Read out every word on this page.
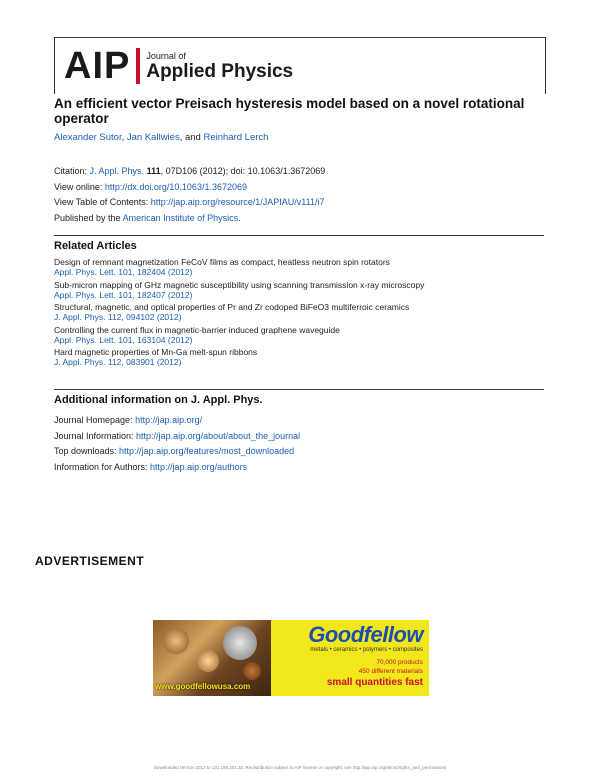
AIP Journal of
Applied Physics
An efficient vector Preisach hysteresis model based on a novel rotational operator
Alexander Sutor, Jan Kallwies, and Reinhard Lerch
Citation: J. Appl. Phys. 111, 07D106 (2012); doi: 10.1063/1.3672069
View online: http://dx.doi.org/10.1063/1.3672069
View Table of Contents: http://jap.aip.org/resource/1/JAPIAU/v111/i7
Published by the American Institute of Physics.
Related Articles
Design of remnant magnetization FeCoV films as compact, heatless neutron spin rotators
Appl. Phys. Lett. 101, 182404 (2012)
Sub-micron mapping of GHz magnetic susceptibility using scanning transmission x-ray microscopy
Appl. Phys. Lett. 101, 182407 (2012)
Structural, magnetic, and optical properties of Pr and Zr codoped BiFeO3 multiferroic ceramics
J. Appl. Phys. 112, 094102 (2012)
Controlling the current flux in magnetic-barrier induced graphene waveguide
Appl. Phys. Lett. 101, 163104 (2012)
Hard magnetic properties of Mn-Ga melt-spun ribbons
J. Appl. Phys. 112, 083901 (2012)
Additional information on J. Appl. Phys.
Journal Homepage: http://jap.aip.org/
Journal Information: http://jap.aip.org/about/about_the_journal
Top downloads: http://jap.aip.org/features/most_downloaded
Information for Authors: http://jap.aip.org/authors
ADVERTISEMENT
www.goodfellowusa.com
Goodfellow
metals • ceramics • polymers • composites
70,000 products
450 different materials
small quantities fast
Downloaded 08 Nov 2012 to 131.188.201.33. Redistribution subject to AIP license or copyright; see http://jap.aip.org/about/rights_and_permissions
